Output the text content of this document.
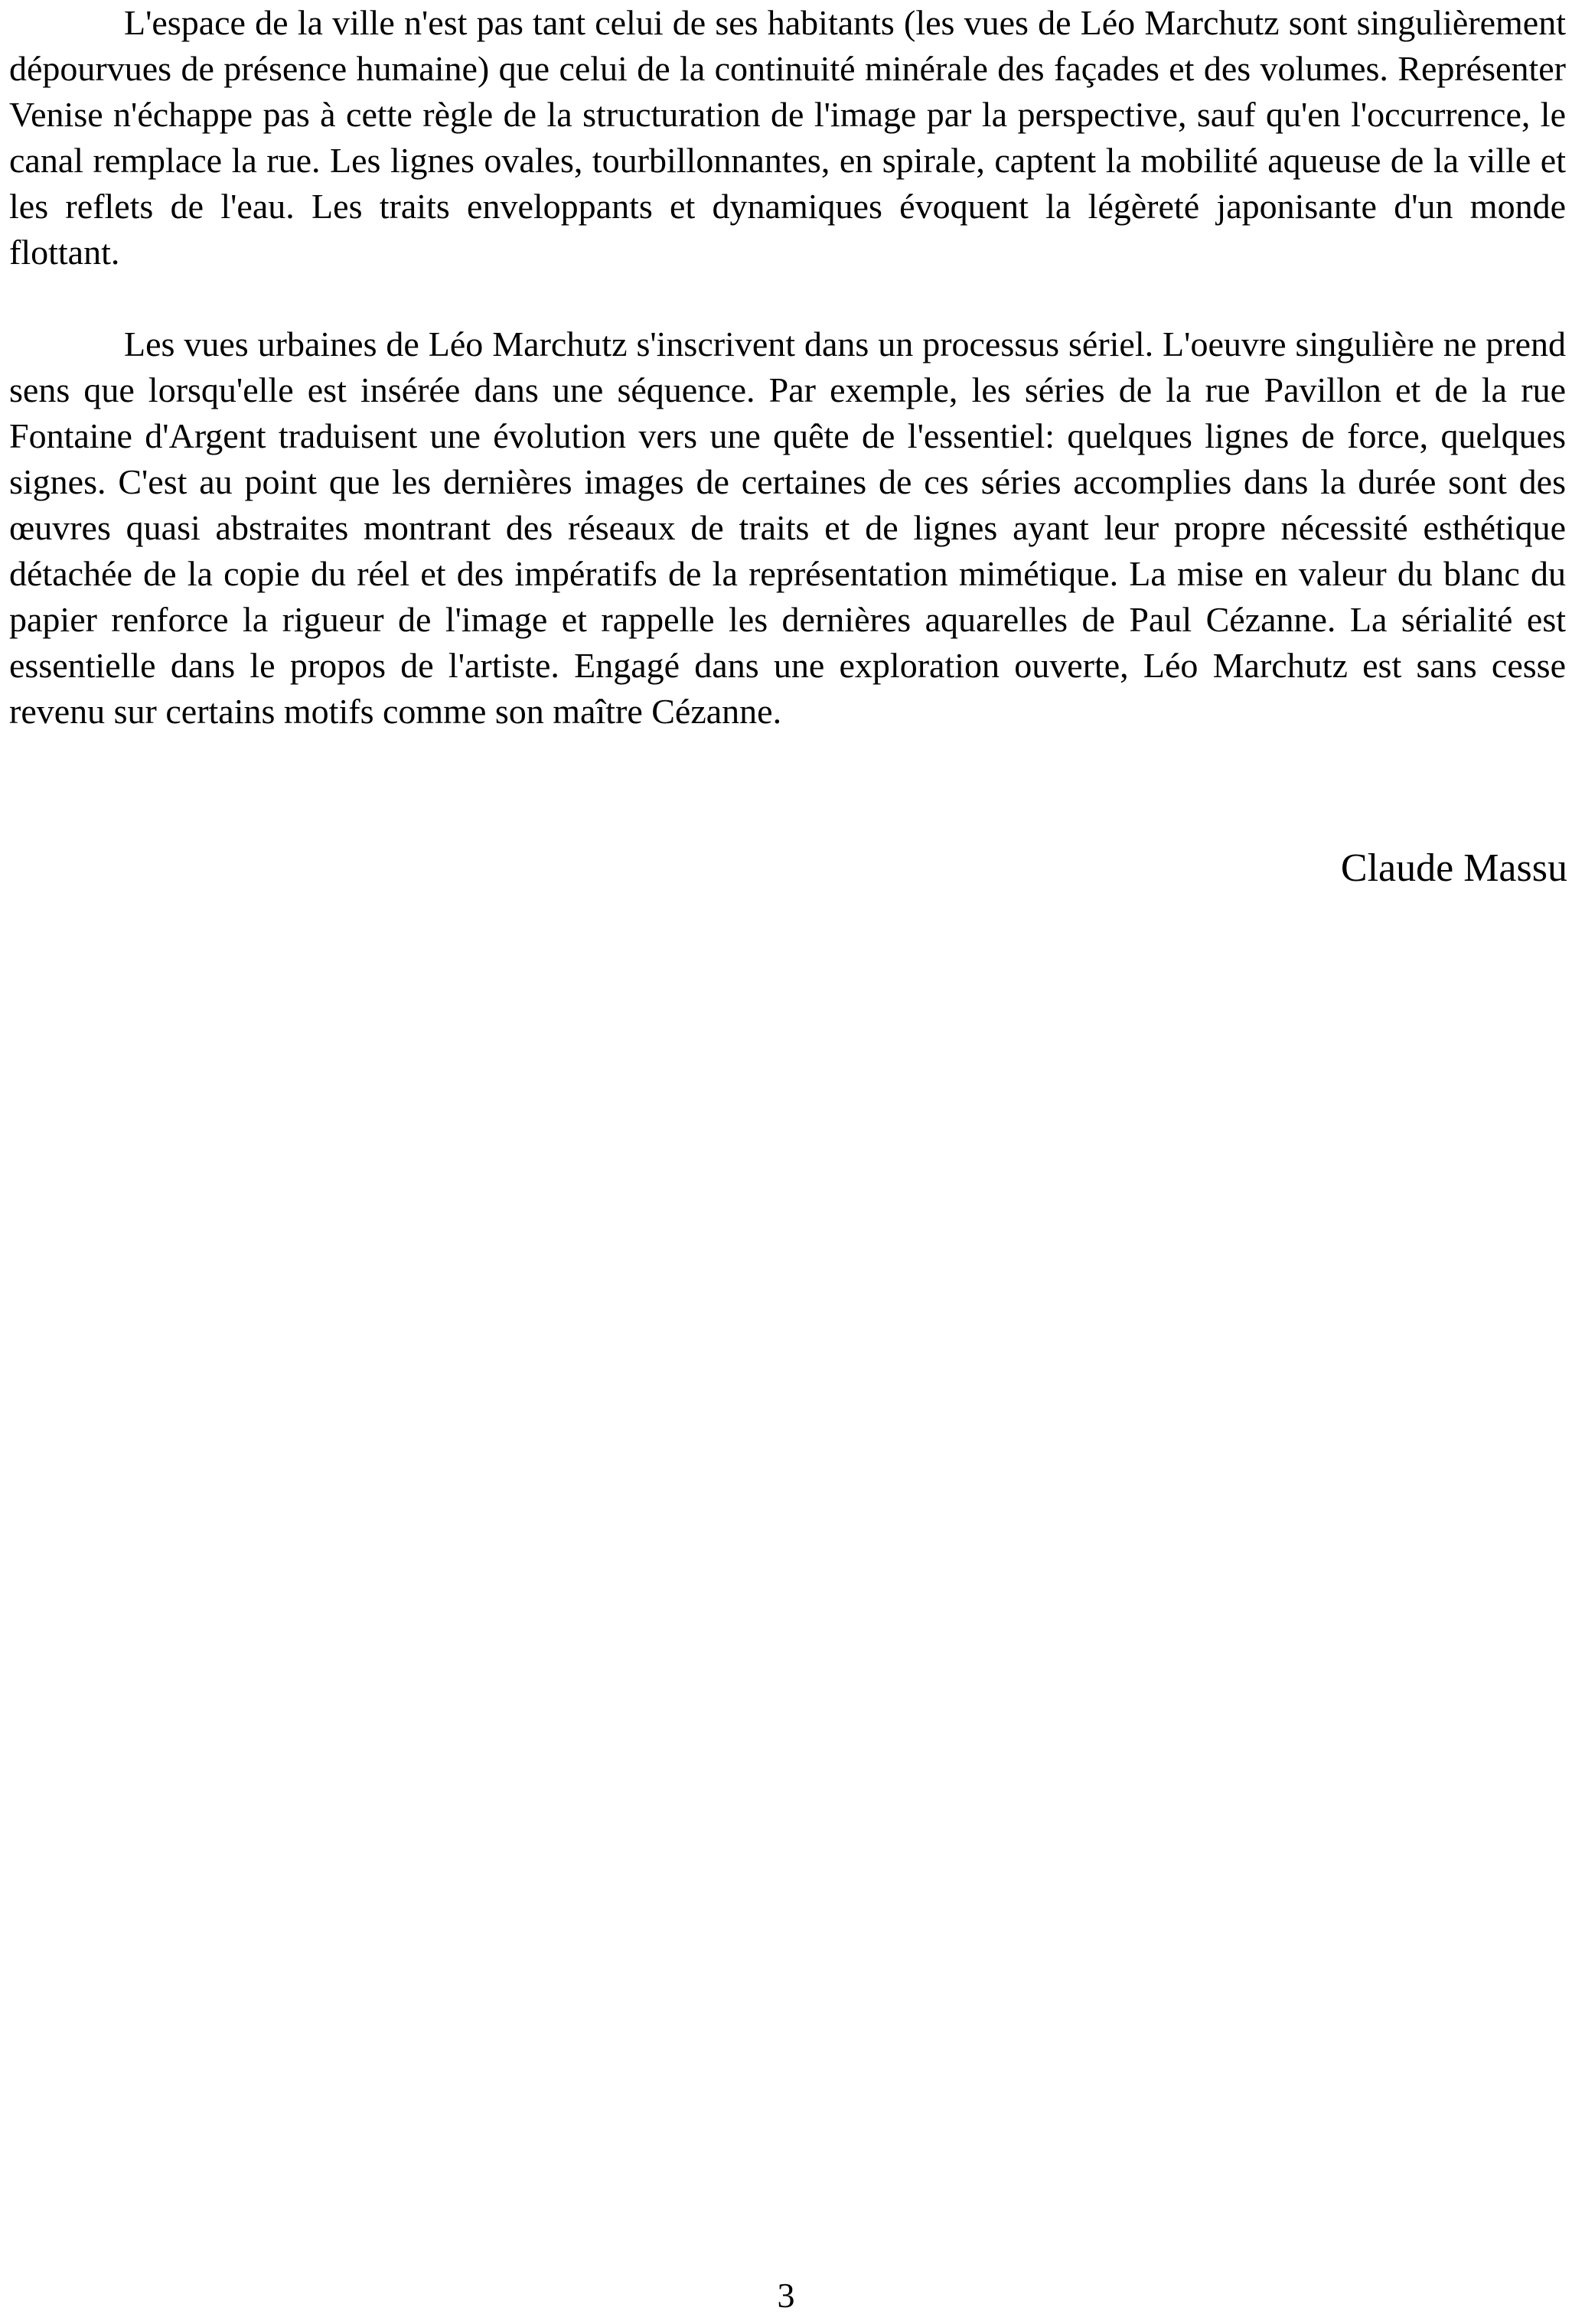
L'espace de la ville n'est pas tant celui de ses habitants (les vues de Léo Marchutz sont singulièrement dépourvues de présence humaine) que celui de la continuité minérale des façades et des volumes. Représenter Venise n'échappe pas à cette règle de la structuration de l'image par la perspective, sauf qu'en l'occurrence, le canal remplace la rue. Les lignes ovales, tourbillonnantes, en spirale, captent la mobilité aqueuse de la ville et les reflets de l'eau. Les traits enveloppants et dynamiques évoquent la légèreté japonisante d'un monde flottant.

Les vues urbaines de Léo Marchutz s'inscrivent dans un processus sériel. L'oeuvre singulière ne prend sens que lorsqu'elle est insérée dans une séquence. Par exemple, les séries de la rue Pavillon et de la rue Fontaine d'Argent traduisent une évolution vers une quête de l'essentiel: quelques lignes de force, quelques signes. C'est au point que les dernières images de certaines de ces séries accomplies dans la durée sont des œuvres quasi abstraites montrant des réseaux de traits et de lignes ayant leur propre nécessité esthétique détachée de la copie du réel et des impératifs de la représentation mimétique. La mise en valeur du blanc du papier renforce la rigueur de l'image et rappelle les dernières aquarelles de Paul Cézanne. La sérialité est essentielle dans le propos de l'artiste. Engagé dans une exploration ouverte, Léo Marchutz est sans cesse revenu sur certains motifs comme son maître Cézanne.

Claude Massu
3
